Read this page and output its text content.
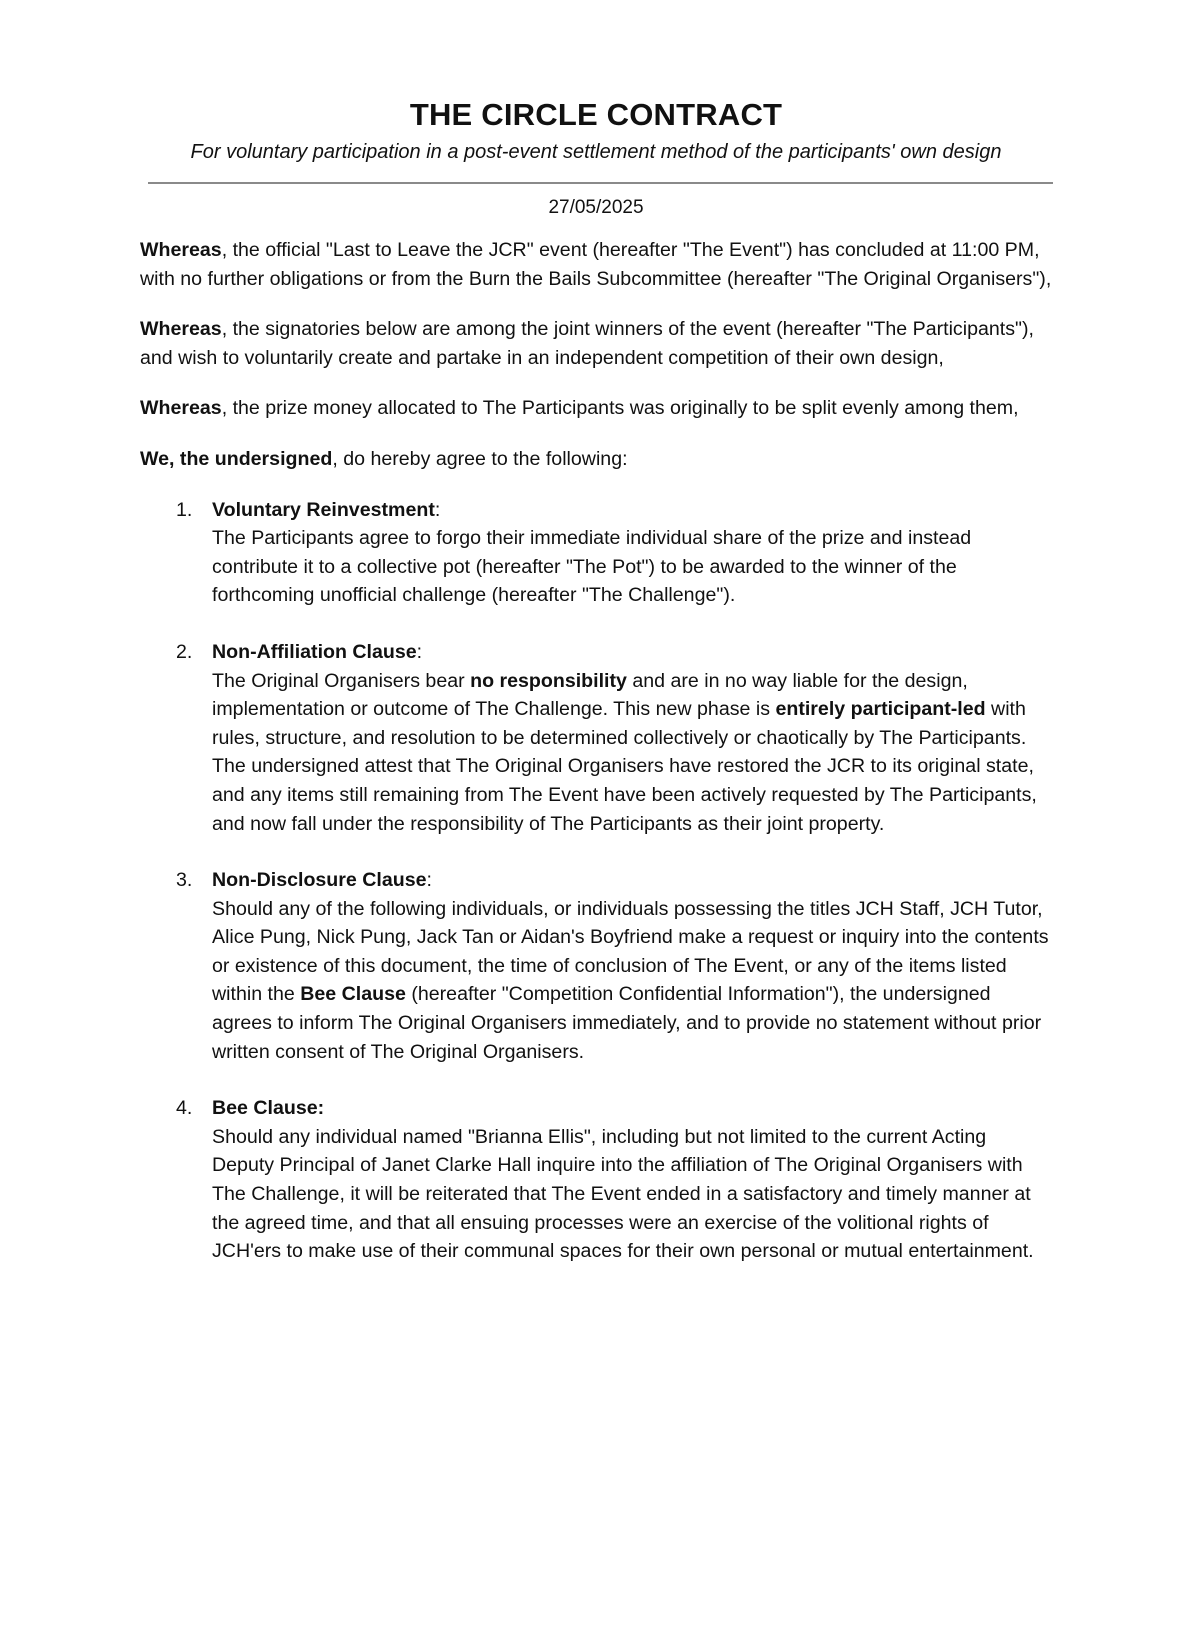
THE CIRCLE CONTRACT

For voluntary participation in a post-event settlement method of the participants' own design

27/05/2025

Whereas, the official "Last to Leave the JCR" event (hereafter "The Event") has concluded at 11:00 PM, with no further obligations or from the Burn the Bails Subcommittee (hereafter "The Original Organisers"),

Whereas, the signatories below are among the joint winners of the event (hereafter "The Participants"), and wish to voluntarily create and partake in an independent competition of their own design,

Whereas, the prize money allocated to The Participants was originally to be split evenly among them,

We, the undersigned, do hereby agree to the following:

1. Voluntary Reinvestment:
The Participants agree to forgo their immediate individual share of the prize and instead contribute it to a collective pot (hereafter "The Pot") to be awarded to the winner of the forthcoming unofficial challenge (hereafter "The Challenge").
2. Non-Affiliation Clause:
The Original Organisers bear no responsibility and are in no way liable for the design, implementation or outcome of The Challenge. This new phase is entirely participant-led with rules, structure, and resolution to be determined collectively or chaotically by The Participants. The undersigned attest that The Original Organisers have restored the JCR to its original state, and any items still remaining from The Event have been actively requested by The Participants, and now fall under the responsibility of The Participants as their joint property.
3. Non-Disclosure Clause:
Should any of the following individuals, or individuals possessing the titles JCH Staff, JCH Tutor, Alice Pung, Nick Pung, Jack Tan or Aidan's Boyfriend make a request or inquiry into the contents or existence of this document, the time of conclusion of The Event, or any of the items listed within the Bee Clause (hereafter "Competition Confidential Information"), the undersigned agrees to inform The Original Organisers immediately, and to provide no statement without prior written consent of The Original Organisers.
4. Bee Clause:
Should any individual named "Brianna Ellis", including but not limited to the current Acting Deputy Principal of Janet Clarke Hall inquire into the affiliation of The Original Organisers with The Challenge, it will be reiterated that The Event ended in a satisfactory and timely manner at the agreed time, and that all ensuing processes were an exercise of the volitional rights of JCH'ers to make use of their communal spaces for their own personal or mutual entertainment.
